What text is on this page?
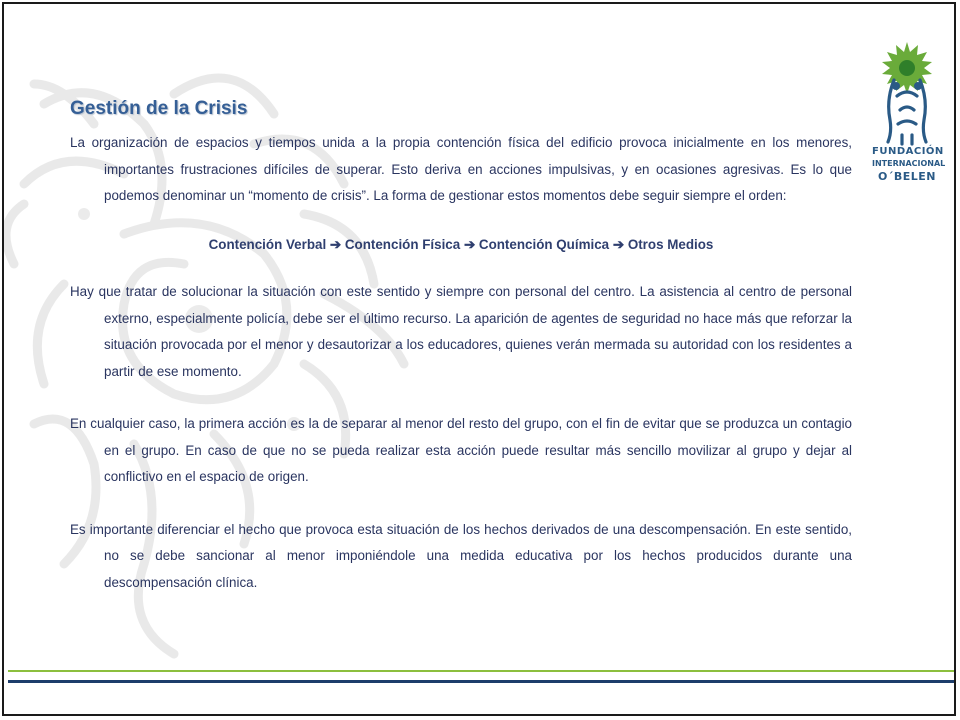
FUNDACIÓN
INTERNACIONAL
O´BELEN
Gestión de la Crisis

La organización de espacios y tiempos unida a la propia contención física del edificio provoca inicialmente en los menores, importantes frustraciones difíciles de superar. Esto deriva en acciones impulsivas, y en ocasiones agresivas. Es lo que podemos denominar un “momento de crisis”. La forma de gestionar estos momentos debe seguir siempre el orden:

Contención Verbal ➔ Contención Física ➔ Contención Química ➔ Otros Medios

Hay que tratar de solucionar la situación con este sentido y siempre con personal del centro. La asistencia al centro de personal externo, especialmente policía, debe ser el último recurso. La aparición de agentes de seguridad no hace más que reforzar la situación provocada por el menor y desautorizar a los educadores, quienes verán mermada su autoridad con los residentes a partir de ese momento.

En cualquier caso, la primera acción es la de separar al menor del resto del grupo, con el fin de evitar que se produzca un contagio en el grupo. En caso de que no se pueda realizar esta acción puede resultar más sencillo movilizar al grupo y dejar al conflictivo en el espacio de origen.

Es importante diferenciar el hecho que provoca esta situación de los hechos derivados de una descompensación. En este sentido, no se debe sancionar al menor imponiéndole una medida educativa por los hechos producidos durante una descompensación clínica.
